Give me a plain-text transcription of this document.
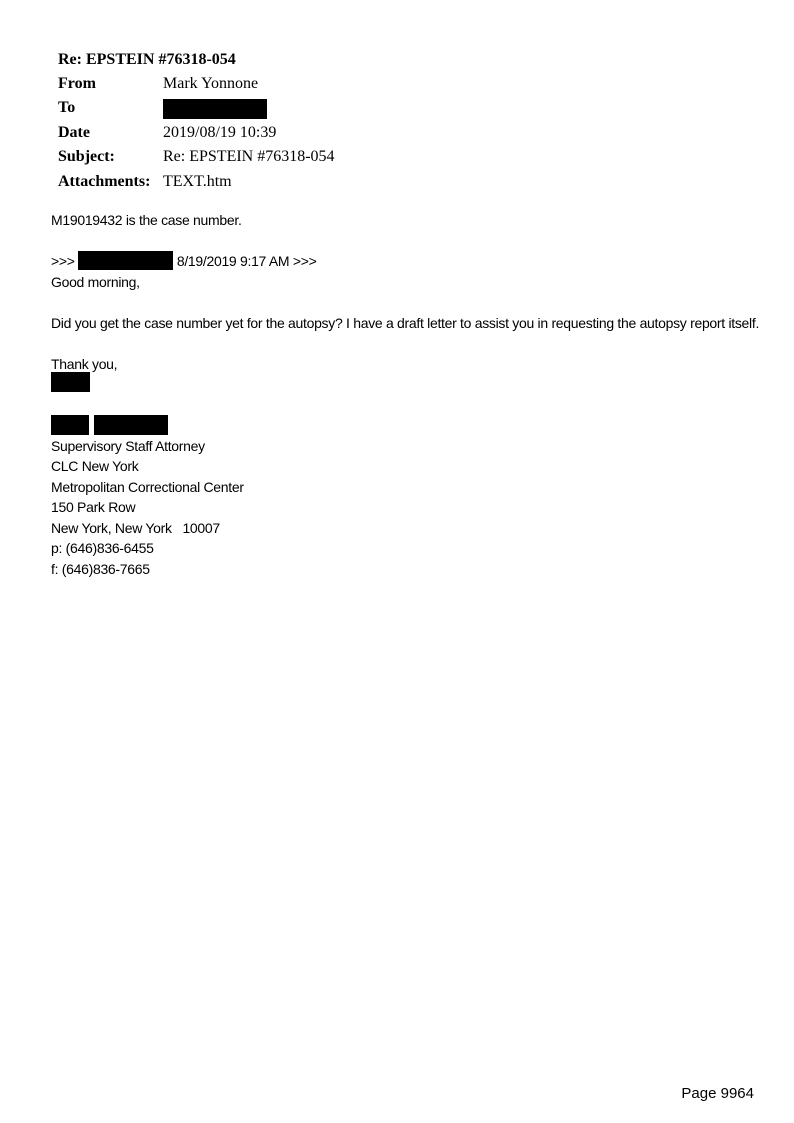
Re: EPSTEIN #76318-054
From	Mark Yonnone
To
Date	2019/08/19 10:39
Subject:	Re: EPSTEIN #76318-054
Attachments: TEXT.htm
M19019432 is the case number.
>>>	8/19/2019 9:17 AM >>>
Good morning,
Did you get the case number yet for the autopsy? I have a draft letter to assist you in requesting the autopsy report itself.
Thank you,

Supervisory Staff Attorney
CLC New York
Metropolitan Correctional Center
150 Park Row
New York, New York   10007
p: (646)836-6455
f: (646)836-7665
Page 9964
